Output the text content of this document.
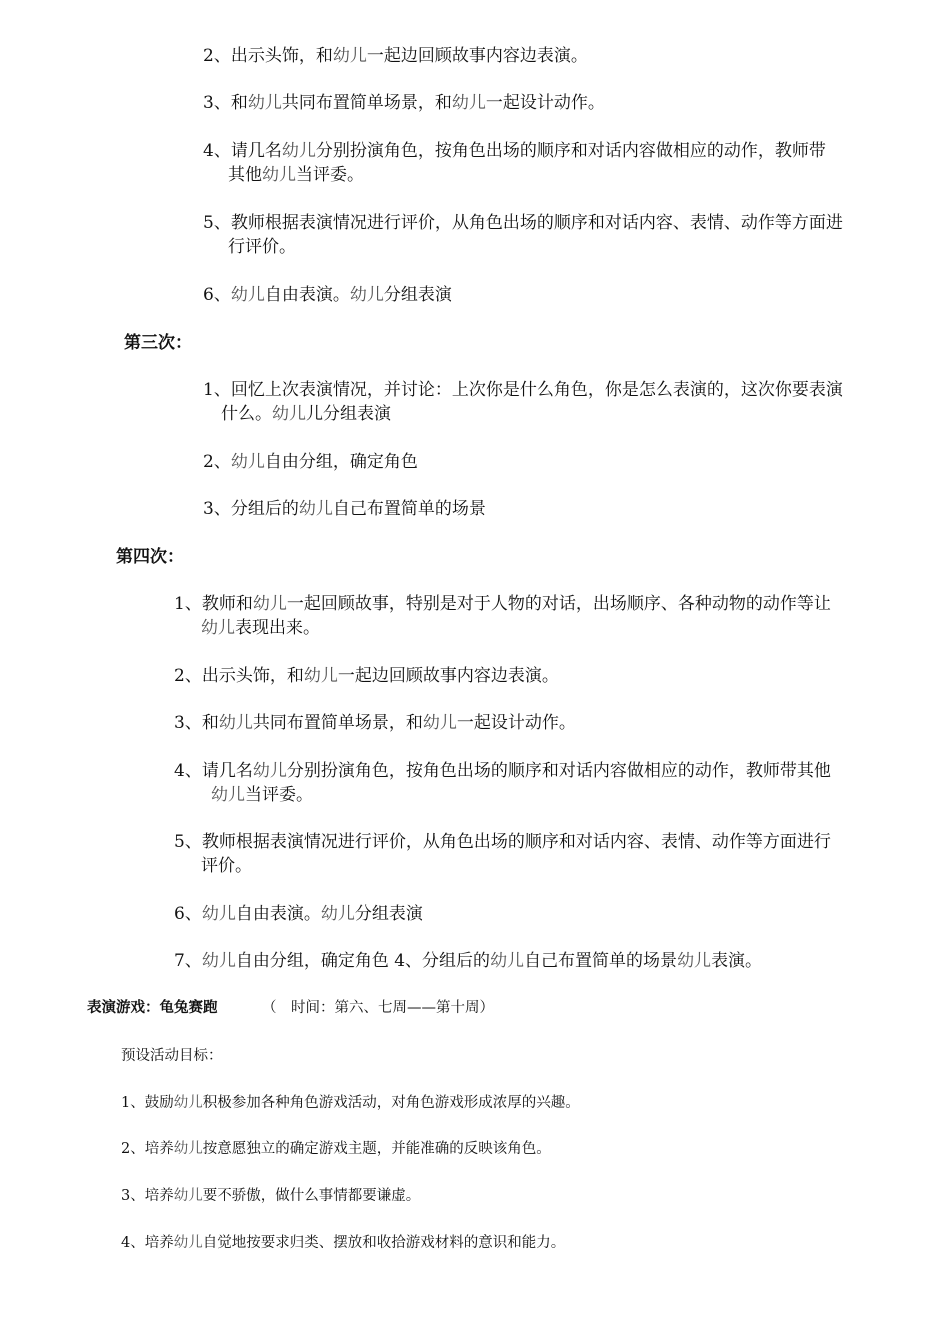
2、出示头饰，和幼儿一起边回顾故事内容边表演。
3、和幼儿共同布置简单场景，和幼儿一起设计动作。
4、请几名幼儿分别扮演角色，按角色出场的顺序和对话内容做相应的动作，教师带
其他幼儿当评委。
5、教师根据表演情况进行评价，从角色出场的顺序和对话内容、表情、动作等方面进
行评价。
6、幼儿自由表演。幼儿分组表演
第三次：
1、回忆上次表演情况，并讨论：上次你是什么角色，你是怎么表演的，这次你要表演
什么。幼儿儿分组表演
2、幼儿自由分组，确定角色
3、分组后的幼儿自己布置简单的场景
第四次：
1、教师和幼儿一起回顾故事，特别是对于人物的对话，出场顺序、各种动物的动作等让
幼儿表现出来。
2、出示头饰，和幼儿一起边回顾故事内容边表演。
3、和幼儿共同布置简单场景，和幼儿一起设计动作。
4、请几名幼儿分别扮演角色，按角色出场的顺序和对话内容做相应的动作，教师带其他
幼儿当评委。
5、教师根据表演情况进行评价，从角色出场的顺序和对话内容、表情、动作等方面进行
评价。
6、幼儿自由表演。幼儿分组表演
7、幼儿自由分组，确定角色 4、分组后的幼儿自己布置简单的场景幼儿表演。
表演游戏：龟兔赛跑	（　时间：第六、七周——第十周）
预设活动目标：
1、鼓励幼儿积极参加各种角色游戏活动，对角色游戏形成浓厚的兴趣。
2、培养幼儿按意愿独立的确定游戏主题，并能准确的反映该角色。
3、培养幼儿要不骄傲，做什么事情都要谦虚。
4、培养幼儿自觉地按要求归类、摆放和收拾游戏材料的意识和能力。
